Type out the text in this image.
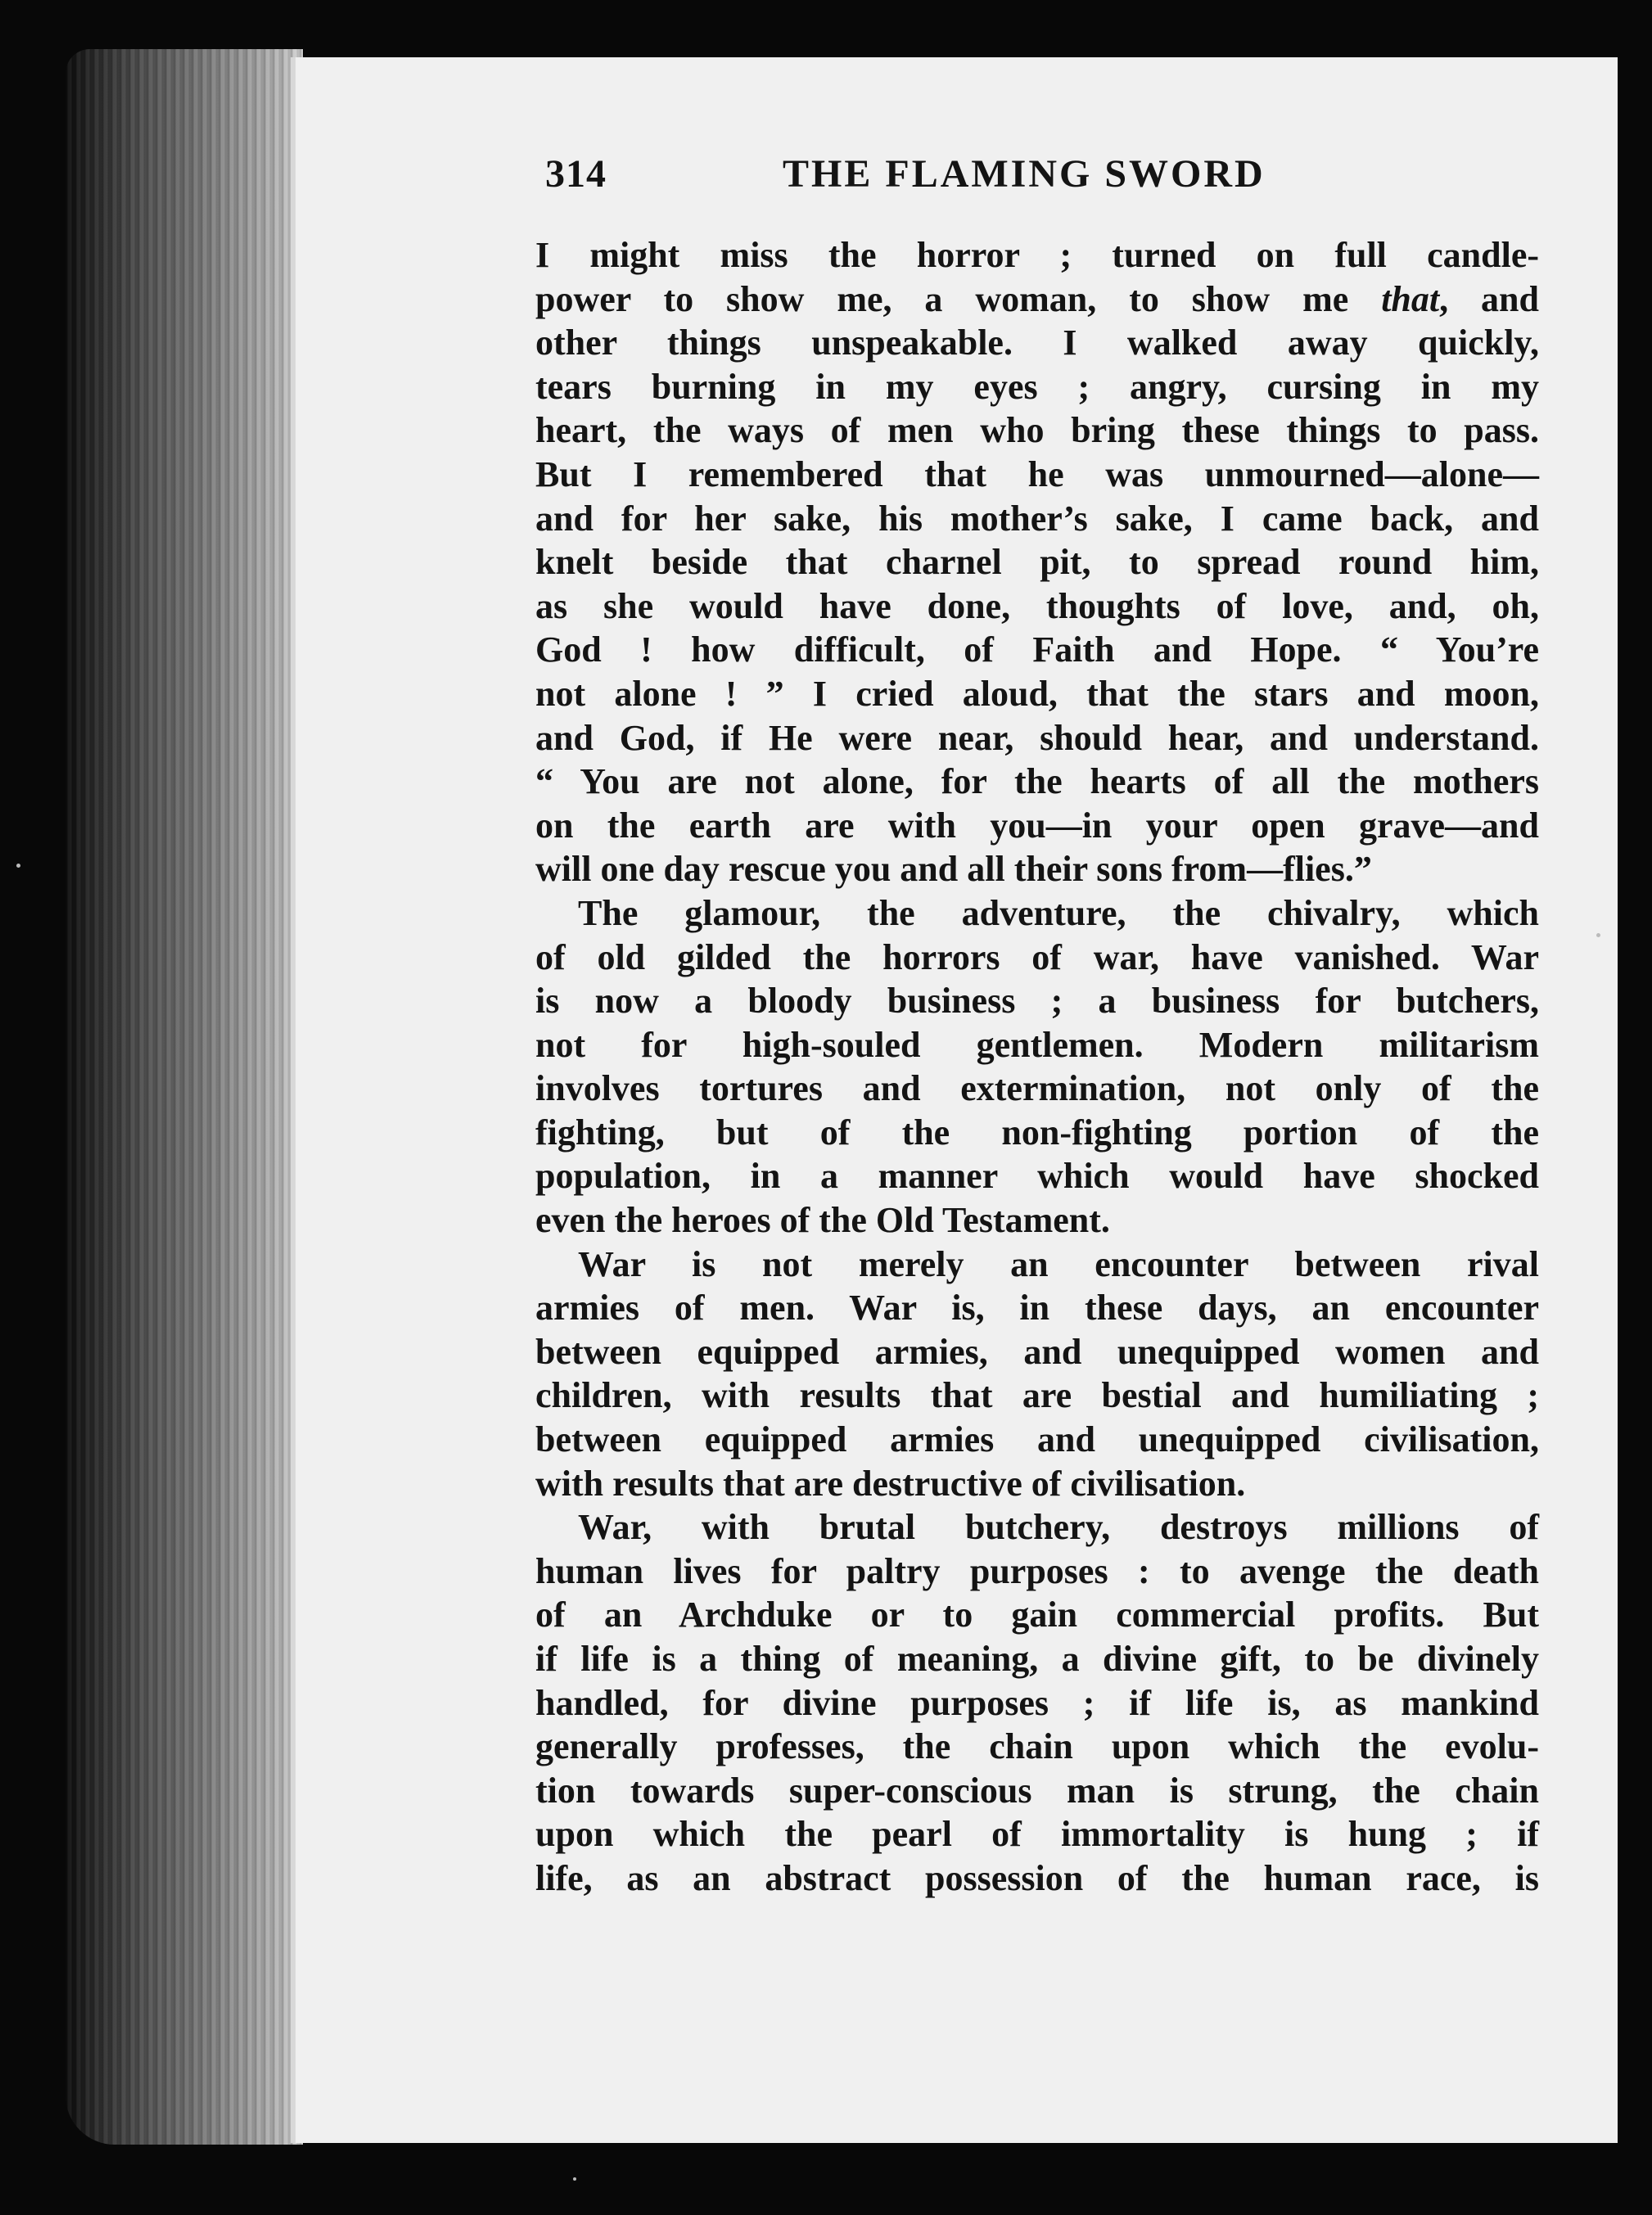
314	THE FLAMING SWORD
I might miss the horror ; turned on full candle-
power to show me, a woman, to show me that, and
other things unspeakable. I walked away quickly,
tears burning in my eyes ; angry, cursing in my
heart, the ways of men who bring these things to pass.
But I remembered that he was unmourned—alone—
and for her sake, his mother’s sake, I came back, and
knelt beside that charnel pit, to spread round him,
as she would have done, thoughts of love, and, oh,
God ! how difficult, of Faith and Hope. “ You’re
not alone ! ” I cried aloud, that the stars and moon,
and God, if He were near, should hear, and understand.
“ You are not alone, for the hearts of all the mothers
on the earth are with you—in your open grave—and
will one day rescue you and all their sons from—flies.”
The glamour, the adventure, the chivalry, which
of old gilded the horrors of war, have vanished. War
is now a bloody business ; a business for butchers,
not for high-souled gentlemen. Modern militarism
involves tortures and extermination, not only of the
fighting, but of the non-fighting portion of the
population, in a manner which would have shocked
even the heroes of the Old Testament.
War is not merely an encounter between rival
armies of men. War is, in these days, an encounter
between equipped armies, and unequipped women and
children, with results that are bestial and humiliating ;
between equipped armies and unequipped civilisation,
with results that are destructive of civilisation.
War, with brutal butchery, destroys millions of
human lives for paltry purposes : to avenge the death
of an Archduke or to gain commercial profits. But
if life is a thing of meaning, a divine gift, to be divinely
handled, for divine purposes ; if life is, as mankind
generally professes, the chain upon which the evolu-
tion towards super-conscious man is strung, the chain
upon which the pearl of immortality is hung ; if
life, as an abstract possession of the human race, is
